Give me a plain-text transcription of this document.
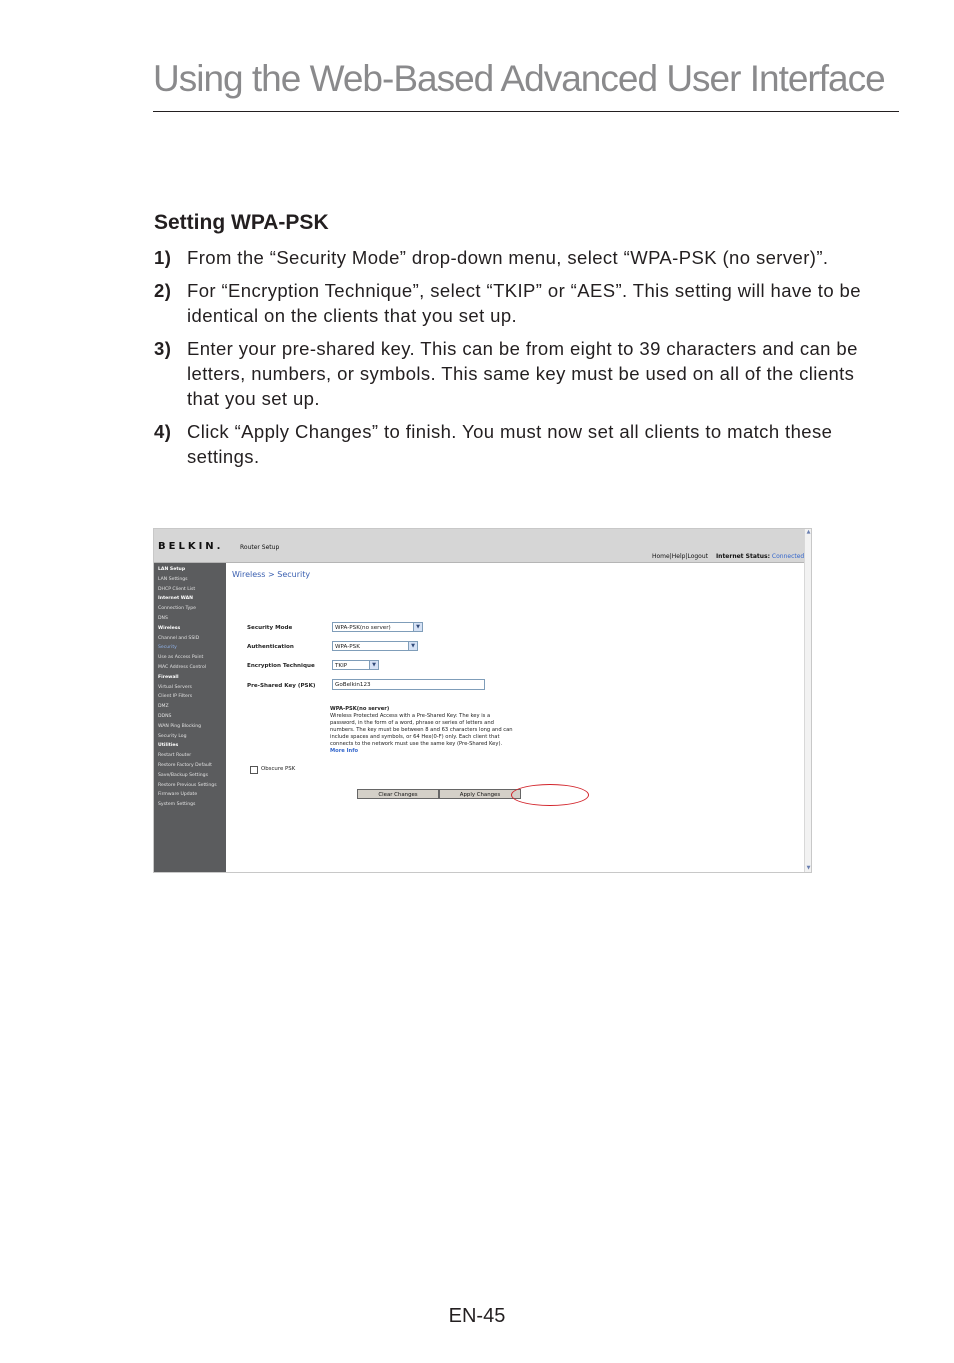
Using the Web-Based Advanced User Interface
Setting WPA-PSK
1) From the “Security Mode” drop-down menu, select “WPA-PSK (no server)”.
2) For “Encryption Technique”, select “TKIP” or “AES”. This setting will have to be identical on the clients that you set up.
3) Enter your pre-shared key. This can be from eight to 39 characters and can be letters, numbers, or symbols. This same key must be used on all of the clients that you set up.
4) Click “Apply Changes” to finish. You must now set all clients to match these settings.
BELKIN.	Router Setup
Home|Help|Logout Internet Status: Connected
LAN Setup
LAN Settings
DHCP Client List
Internet WAN
Connection Type
DNS
Wireless
Channel and SSID
Security
Use as Access Point
MAC Address Control
Firewall
Virtual Servers
Client IP Filters
DMZ
DDNS
WAN Ping Blocking
Security Log
Utilities
Restart Router
Restore Factory Default
Save/Backup Settings
Restore Previous Settings
Firmware Update
System Settings
Wireless > Security
Security Mode	WPA-PSK(no server)	▼
Authentication	WPA-PSK	▼
Encryption Technique	TKIP	▼
Pre-Shared Key (PSK)	GoBelkin123
WPA-PSK(no server)
Wireless Protected Access with a Pre-Shared Key: The key is a
password, in the form of a word, phrase or series of letters and
numbers. The key must be between 8 and 63 characters long and can
include spaces and symbols, or 64 Hex(0-F) only. Each client that
connects to the network must use the same key (Pre-Shared Key).
More Info
Obscure PSK
Clear Changes	Apply Changes
▲
▼
EN-45
